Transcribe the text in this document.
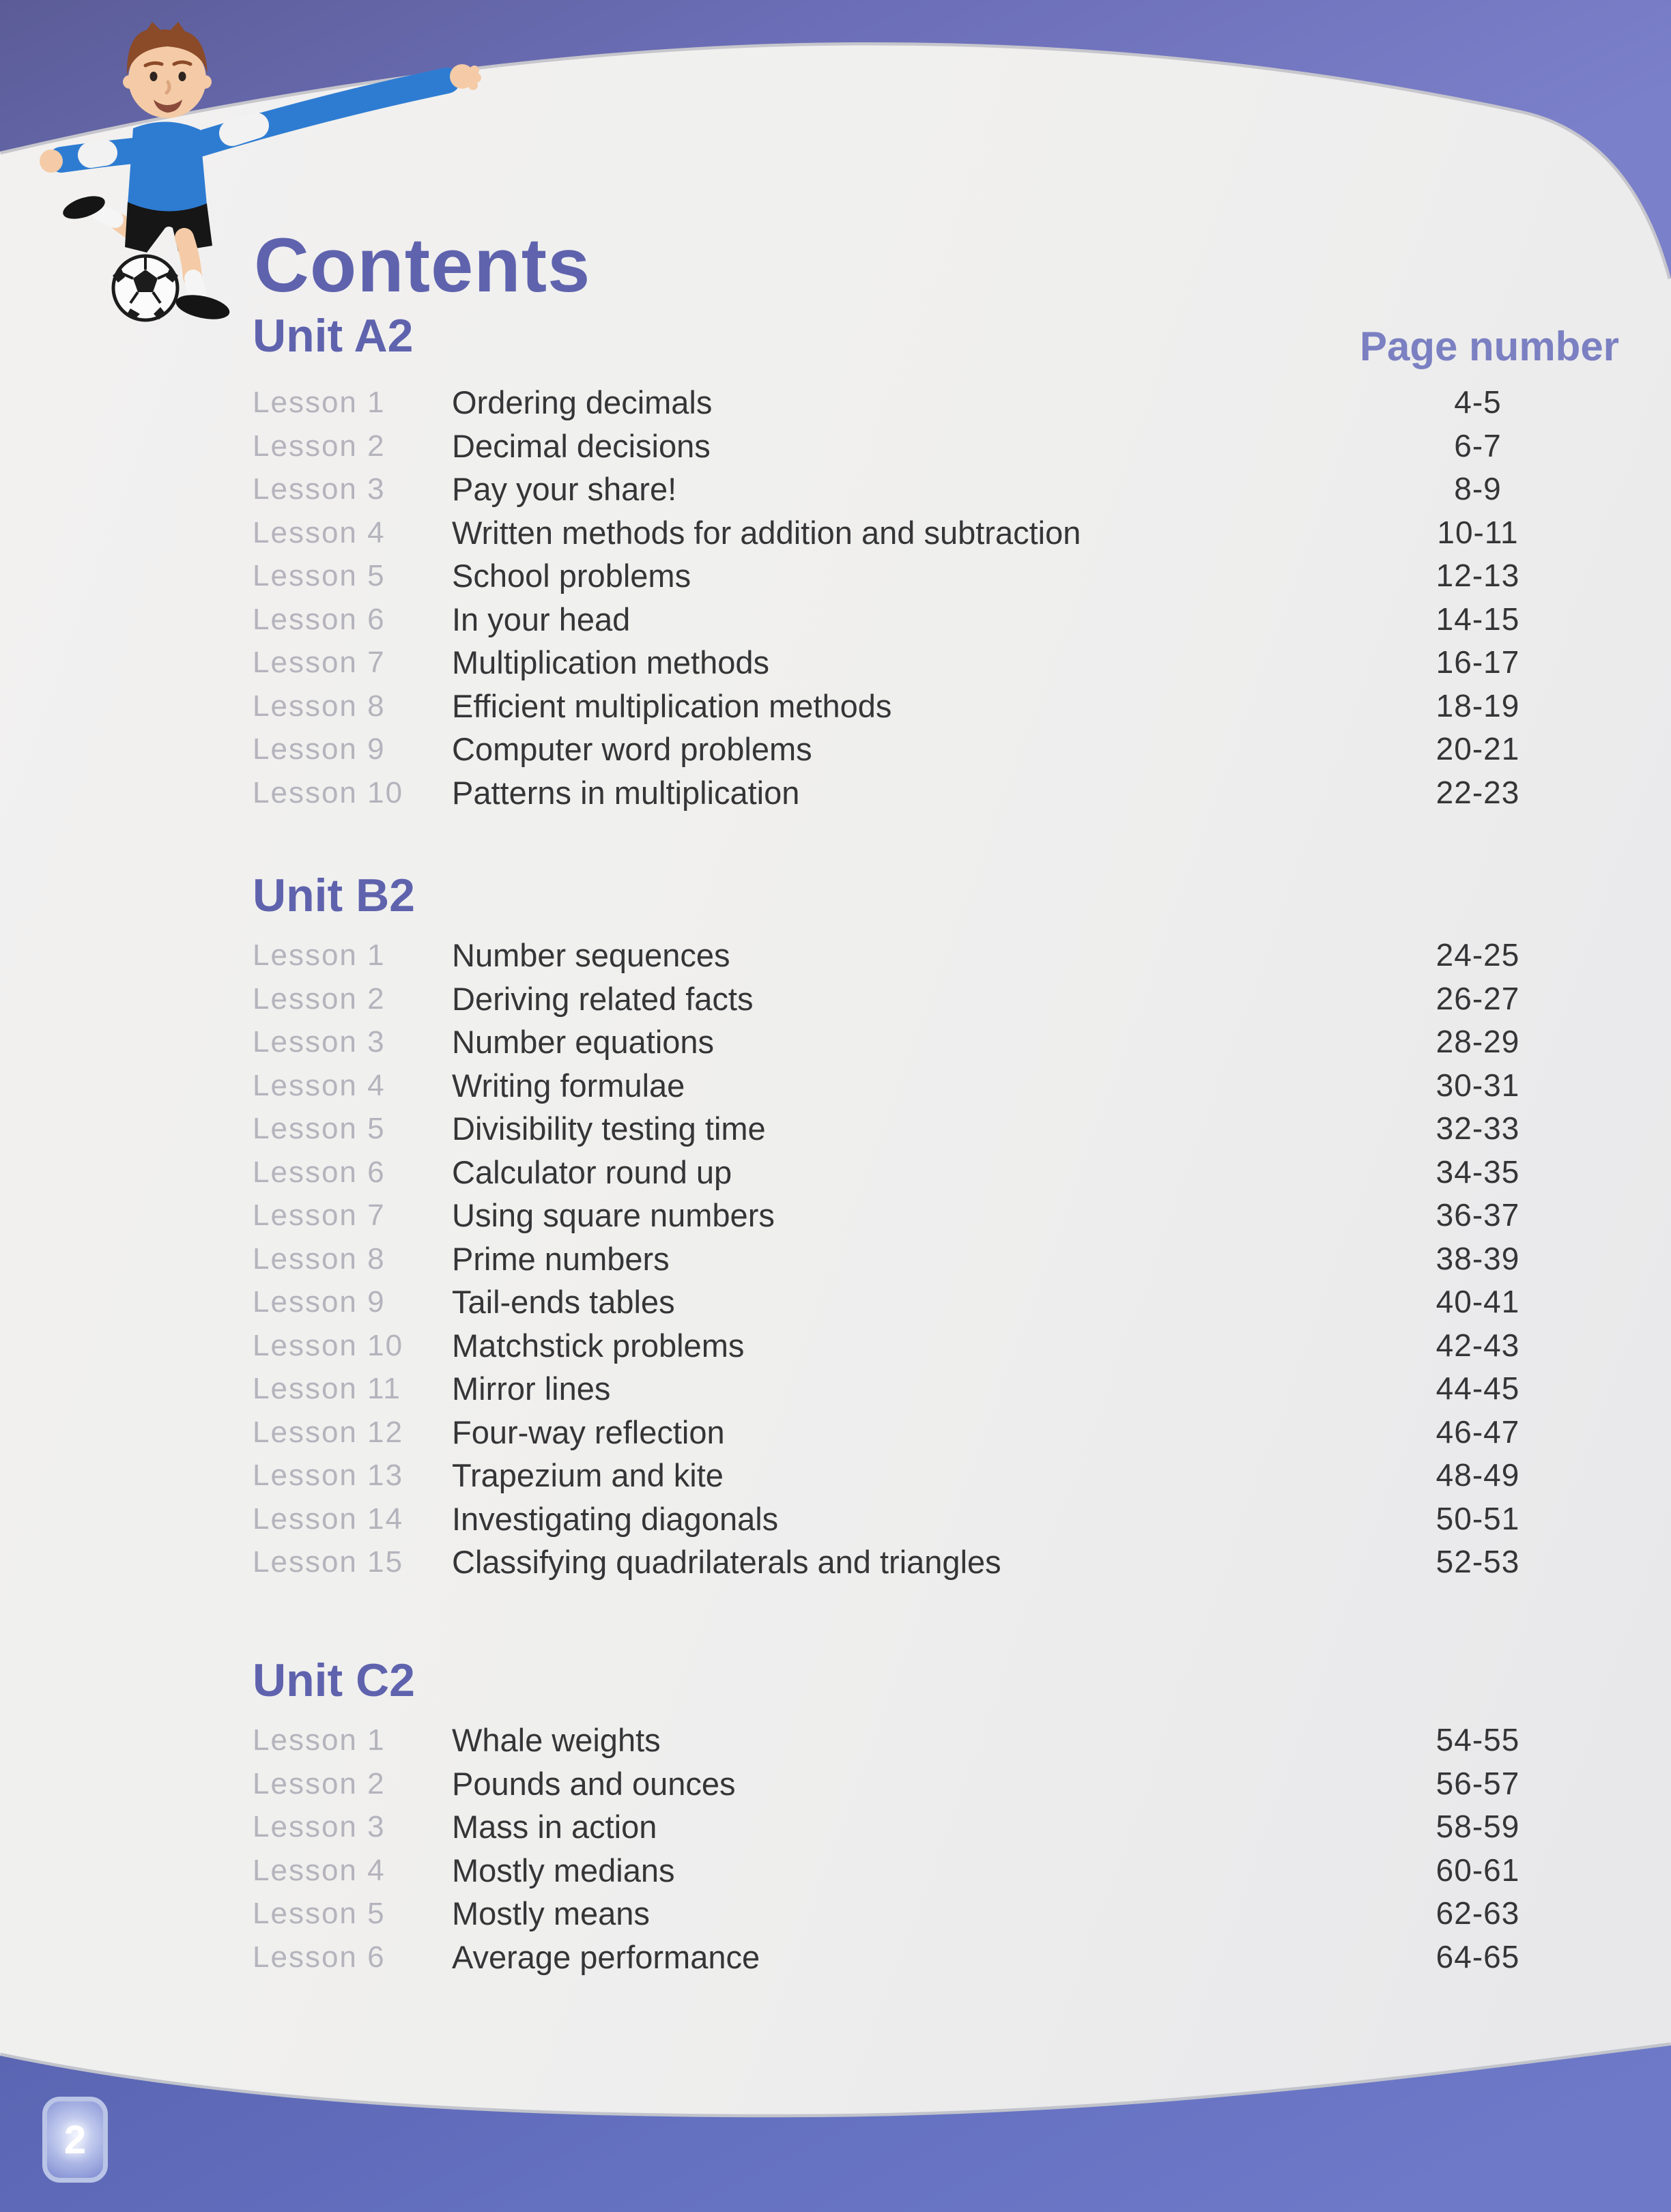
Contents
Page number
Unit A2
Lesson 1	Ordering decimals	4-5
Lesson 2	Decimal decisions	6-7
Lesson 3	Pay your share!	8-9
Lesson 4	Written methods for addition and subtraction	10-11
Lesson 5	School problems	12-13
Lesson 6	In your head	14-15
Lesson 7	Multiplication methods	16-17
Lesson 8	Efficient multiplication methods	18-19
Lesson 9	Computer word problems	20-21
Lesson 10	Patterns in multiplication	22-23
Unit B2
Lesson 1	Number sequences	24-25
Lesson 2	Deriving related facts	26-27
Lesson 3	Number equations	28-29
Lesson 4	Writing formulae	30-31
Lesson 5	Divisibility testing time	32-33
Lesson 6	Calculator round up	34-35
Lesson 7	Using square numbers	36-37
Lesson 8	Prime numbers	38-39
Lesson 9	Tail-ends tables	40-41
Lesson 10	Matchstick problems	42-43
Lesson 11	Mirror lines	44-45
Lesson 12	Four-way reflection	46-47
Lesson 13	Trapezium and kite	48-49
Lesson 14	Investigating diagonals	50-51
Lesson 15	Classifying quadrilaterals and triangles	52-53
Unit C2
Lesson 1	Whale weights	54-55
Lesson 2	Pounds and ounces	56-57
Lesson 3	Mass in action	58-59
Lesson 4	Mostly medians	60-61
Lesson 5	Mostly means	62-63
Lesson 6	Average performance	64-65
2
